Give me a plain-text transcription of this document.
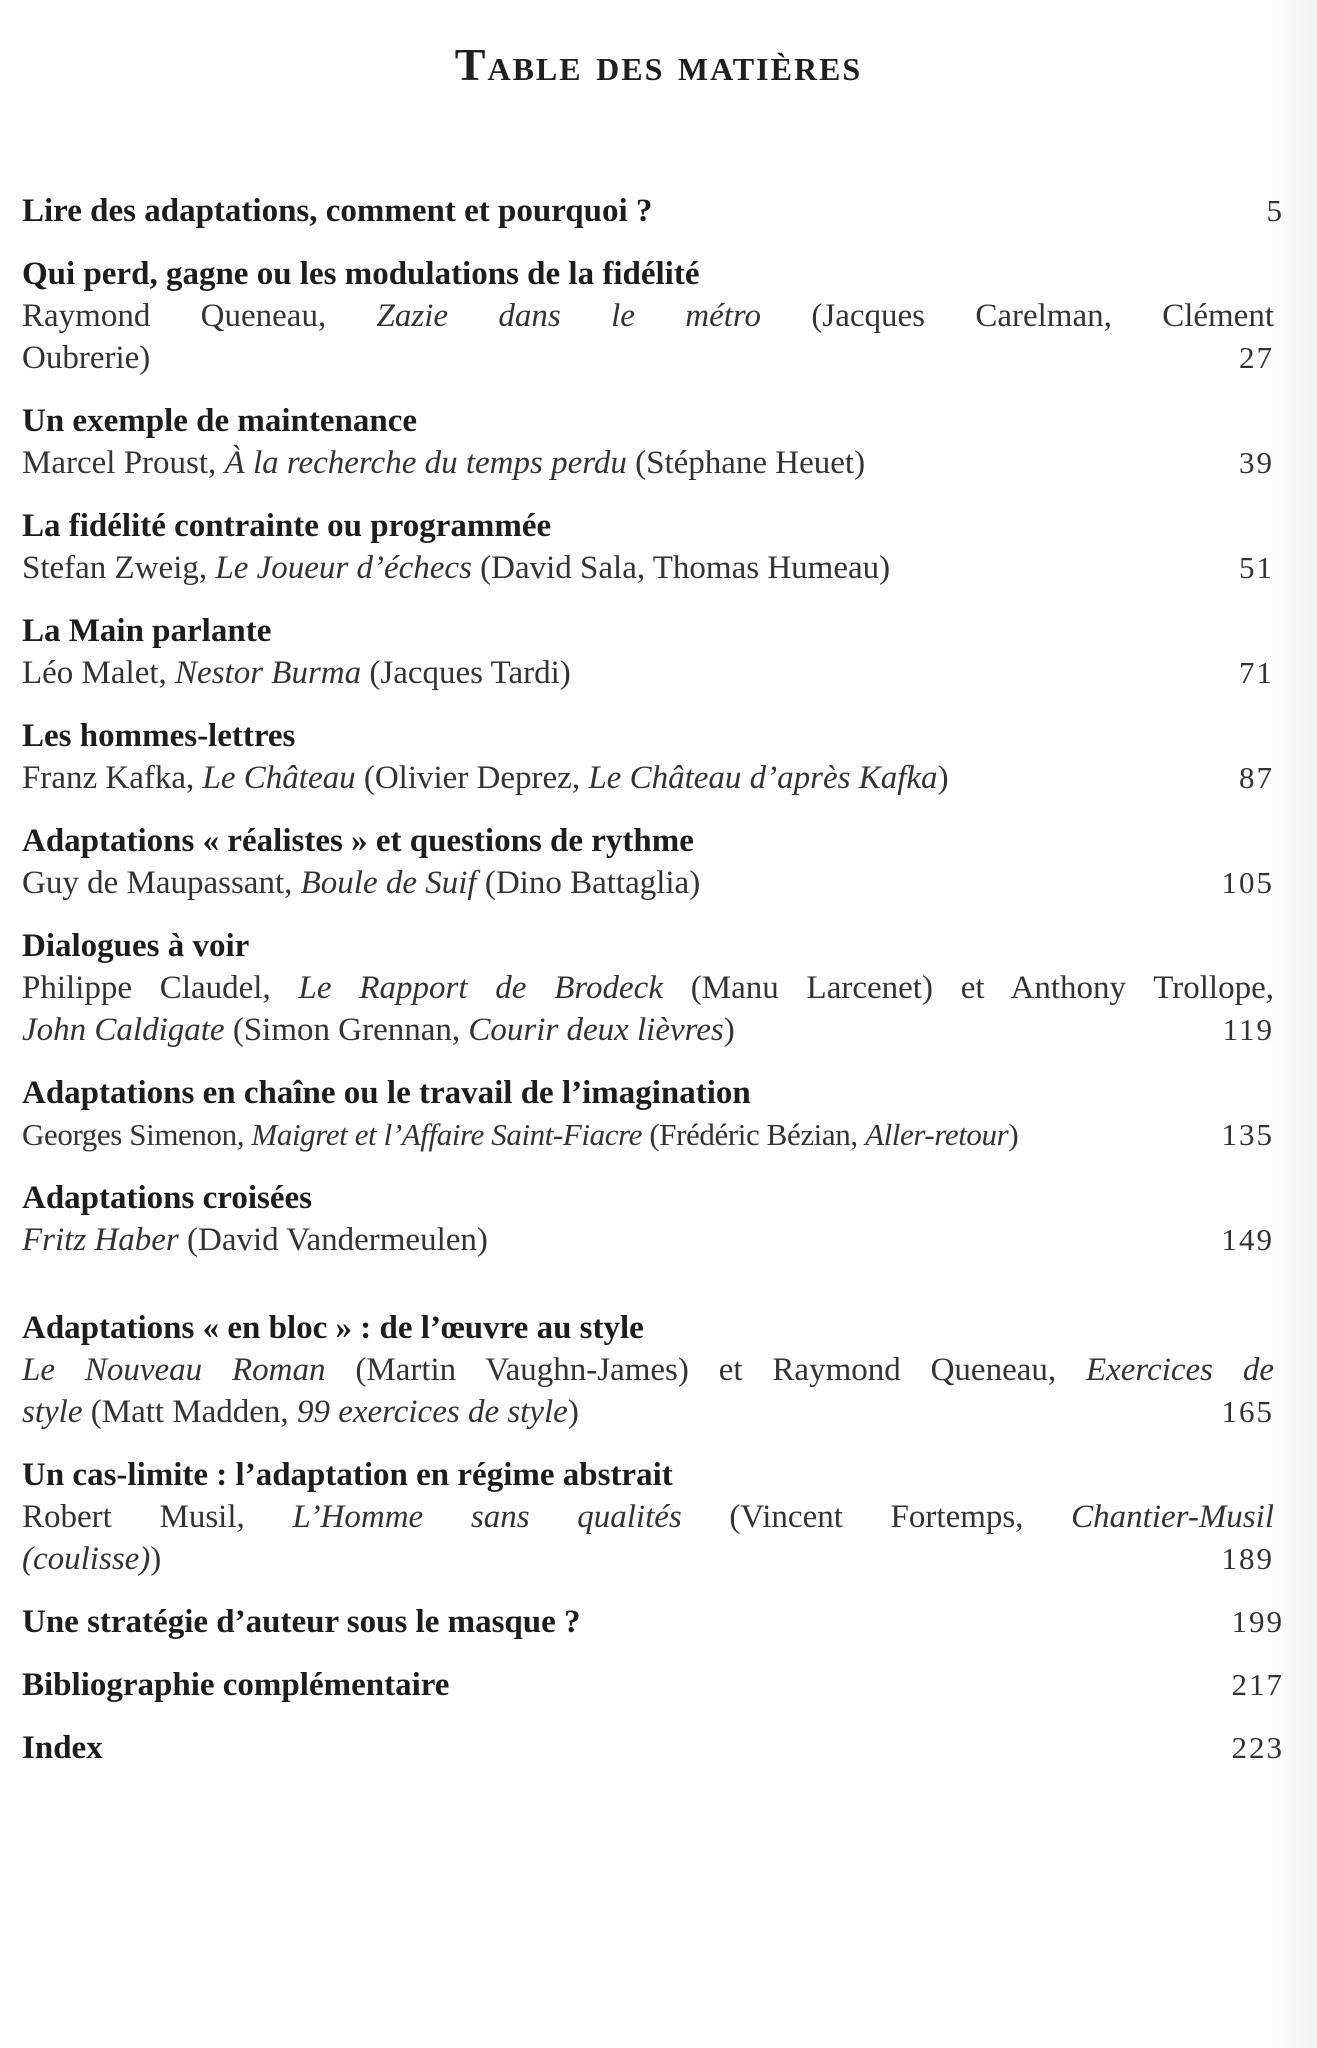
Table des matières
Lire des adaptations, comment et pourquoi ?	5
Qui perd, gagne ou les modulations de la fidélité
Raymond Queneau, Zazie dans le métro (Jacques Carelman, Clément
Oubrerie)	27
Un exemple de maintenance
Marcel Proust, À la recherche du temps perdu (Stéphane Heuet)	39
La fidélité contrainte ou programmée
Stefan Zweig, Le Joueur d’échecs (David Sala, Thomas Humeau)	51
La Main parlante
Léo Malet, Nestor Burma (Jacques Tardi)	71
Les hommes-lettres
Franz Kafka, Le Château (Olivier Deprez, Le Château d’après Kafka)	87
Adaptations « réalistes » et questions de rythme
Guy de Maupassant, Boule de Suif (Dino Battaglia)	105
Dialogues à voir
Philippe Claudel, Le Rapport de Brodeck (Manu Larcenet) et Anthony Trollope,
John Caldigate (Simon Grennan, Courir deux lièvres)	119
Adaptations en chaîne ou le travail de l’imagination
Georges Simenon, Maigret et l’Affaire Saint-Fiacre (Frédéric Bézian, Aller-retour)	135
Adaptations croisées
Fritz Haber (David Vandermeulen)	149
Adaptations « en bloc » : de l’œuvre au style
Le Nouveau Roman (Martin Vaughn-James) et Raymond Queneau, Exercices de
style (Matt Madden, 99 exercices de style)	165
Un cas-limite : l’adaptation en régime abstrait
Robert Musil, L’Homme sans qualités (Vincent Fortemps, Chantier-Musil
(coulisse))	189
Une stratégie d’auteur sous le masque ?	199
Bibliographie complémentaire	217
Index	223
